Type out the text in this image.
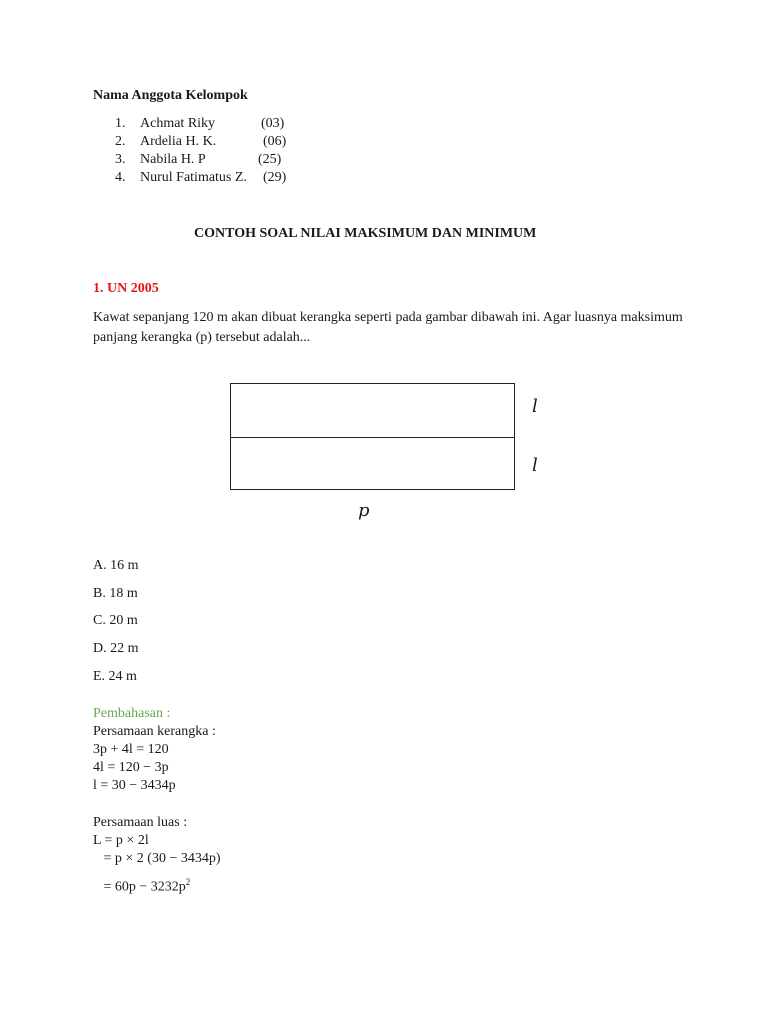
Nama Anggota Kelompok
1. Achmat Riky	(03)
2. Ardelia H. K.	(06)
3. Nabila H. P	(25)
4. Nurul Fatimatus Z. (29)
CONTOH SOAL NILAI MAKSIMUM DAN MINIMUM
1. UN 2005
Kawat sepanjang 120 m akan dibuat kerangka seperti pada gambar dibawah ini. Agar luasnya maksimum panjang kerangka (p) tersebut adalah...
l
l
p
A. 16 m
B. 18 m
C. 20 m
D. 22 m
E. 24 m
Pembahasan :
Persamaan kerangka :
3p + 4l = 120
4l = 120 − 3p
l = 30 − 3434p
Persamaan luas :
L = p × 2l
= p × 2 (30 − 3434p)
= $60p - 3232p^2$
